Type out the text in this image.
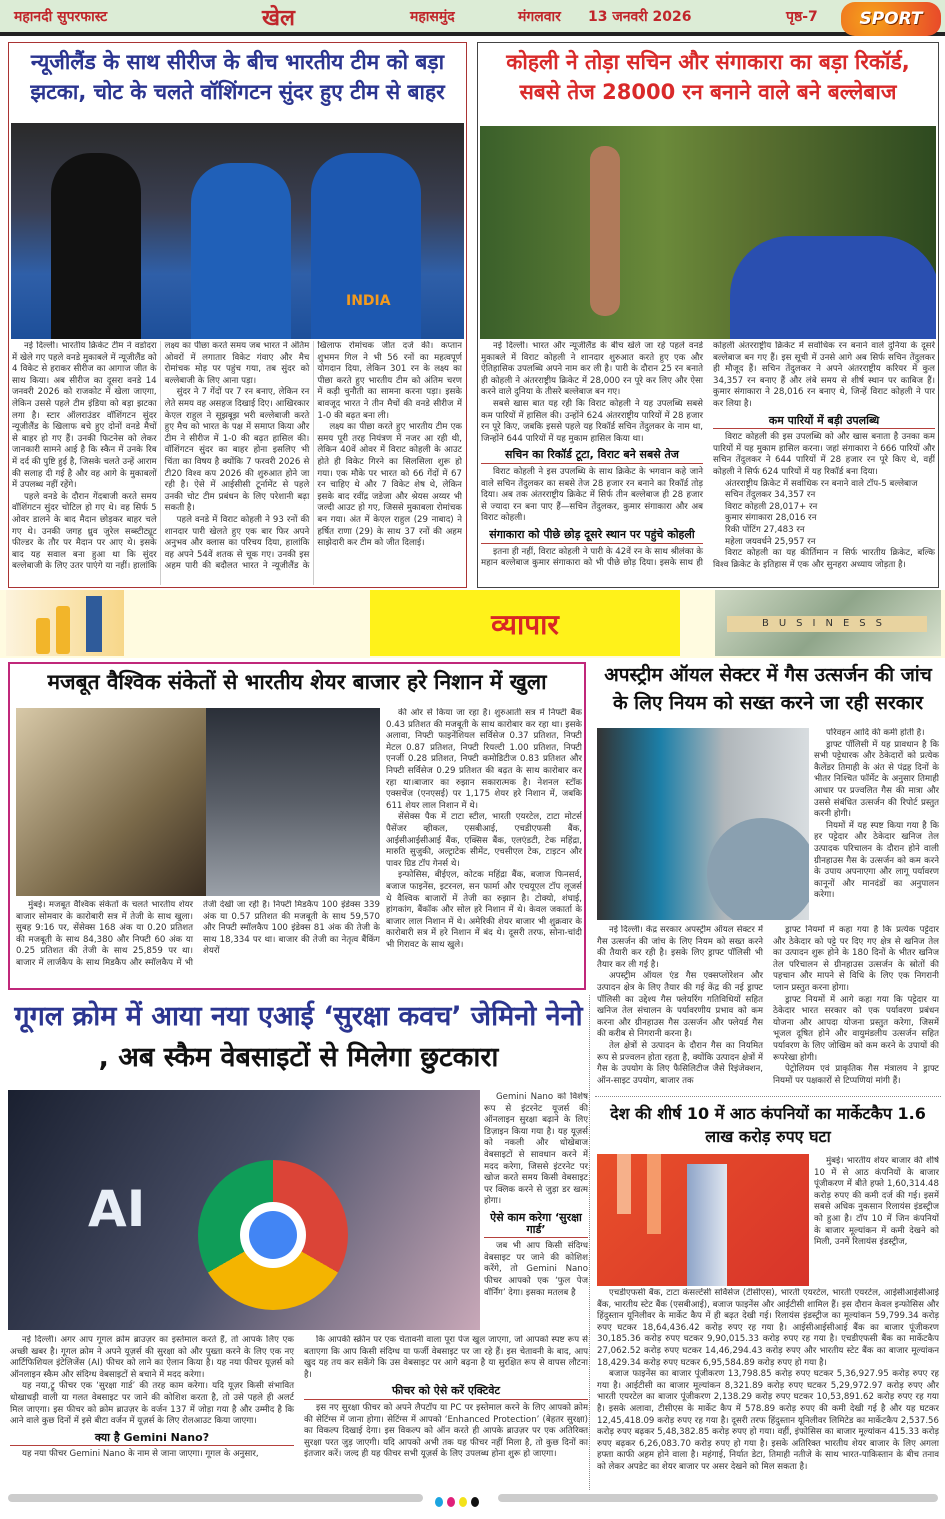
महानदी सुपरफास्ट	खेल	महासमुंद	मंगलवार 13 जनवरी 2026	पृष्ठ-7	SPORT
न्यूजीलैंड के साथ सीरीज के बीच भारतीय टीम को बड़ा झटका, चोट के चलते वॉशिंगटन सुंदर हुए टीम से बाहर
INDIA

नई दिल्ली। भारतीय क्रिकेट टीम ने वडोदरा में खेले गए पहले वनडे मुकाबले में न्यूजीलैंड को 4 विकेट से हराकर सीरीज का आगाज जीत के साथ किया। अब सीरीज का दूसरा वनडे 14 जनवरी 2026 को राजकोट में खेला जाएगा, लेकिन उससे पहले टीम इंडिया को बड़ा झटका लगा है। स्टार ऑलराउंडर वॉशिंगटन सुंदर न्यूजीलैंड के खिलाफ बचे हुए दोनों वनडे मैचों से बाहर हो गए हैं। उनकी फिटनेस को लेकर जानकारी सामने आई है कि स्कैन में उनके रिब में दर्द की पुष्टि हुई है, जिसके चलते उन्हें आराम की सलाह दी गई है और वह आगे के मुकाबलों में उपलब्ध नहीं रहेंगे।

पहले वनडे के दौरान गेंदबाजी करते समय वॉशिंगटन सुंदर चोटिल हो गए थे। वह सिर्फ 5 ओवर डालने के बाद मैदान छोड़कर बाहर चले गए थे। उनकी जगह ध्रुव जुरेल सब्स्टीट्यूट फील्डर के तौर पर मैदान पर आए थे। इसके बाद यह सवाल बना हुआ था कि सुंदर बल्लेबाजी के लिए उतर पाएंगे या नहीं। हालांकि लक्ष्य का पीछा करते समय जब भारत ने अंतिम ओवरों में लगातार विकेट गंवाए और मैच रोमांचक मोड़ पर पहुंच गया, तब सुंदर को बल्लेबाजी के लिए आना पड़ा।

सुंदर ने 7 गेंदों पर 7 रन बनाए, लेकिन रन लेते समय वह असहज दिखाई दिए। आखिरकार केएल राहुल ने सूझबूझ भरी बल्लेबाजी करते हुए मैच को भारत के पक्ष में समाप्त किया और टीम ने सीरीज में 1-0 की बढ़त हासिल की। वॉशिंगटन सुंदर का बाहर होना इसलिए भी चिंता का विषय है क्योंकि 7 फरवरी 2026 से टी20 विश्व कप 2026 की शुरुआत होने जा रही है। ऐसे में आईसीसी टूर्नामेंट से पहले उनकी चोट टीम प्रबंधन के लिए परेशानी बढ़ा सकती है।

पहले वनडे में विराट कोहली ने 93 रनों की शानदार पारी खेलते हुए एक बार फिर अपने अनुभव और क्लास का परिचय दिया, हालांकि वह अपने 54वें शतक से चूक गए। उनकी इस अहम पारी की बदौलत भारत ने न्यूजीलैंड के खिलाफ रोमांचक जीत दर्ज की। कप्तान शुभमन गिल ने भी 56 रनों का महत्वपूर्ण योगदान दिया, लेकिन 301 रन के लक्ष्य का पीछा करते हुए भारतीय टीम को अंतिम चरण में कड़ी चुनौती का सामना करना पड़ा। इसके बावजूद भारत ने तीन मैचों की वनडे सीरीज में 1-0 की बढ़त बना ली।

लक्ष्य का पीछा करते हुए भारतीय टीम एक समय पूरी तरह नियंत्रण में नजर आ रही थी, लेकिन 40वें ओवर में विराट कोहली के आउट होते ही विकेट गिरने का सिलसिला शुरू हो गया। एक मौके पर भारत को 66 गेंदों में 67 रन चाहिए थे और 7 विकेट शेष थे, लेकिन इसके बाद रवींद्र जडेजा और श्रेयस अय्यर भी जल्दी आउट हो गए, जिससे मुकाबला रोमांचक बन गया। अंत में केएल राहुल (29 नाबाद) ने हर्षित राणा (29) के साथ 37 रनों की अहम साझेदारी कर टीम को जीत दिलाई।

कोहली ने तोड़ा सचिन और संगाकारा का बड़ा रिकॉर्ड, सबसे तेज 28000 रन बनाने वाले बने बल्लेबाज

नई दिल्ली। भारत और न्यूजीलैंड के बीच खेले जा रहे पहले वनडे मुकाबले में विराट कोहली ने शानदार शुरुआत करते हुए एक और ऐतिहासिक उपलब्धि अपने नाम कर ली है। पारी के दौरान 25 रन बनाते ही कोहली ने अंतरराष्ट्रीय क्रिकेट में 28,000 रन पूरे कर लिए और ऐसा करने वाले दुनिया के तीसरे बल्लेबाज बन गए।

सबसे खास बात यह रही कि विराट कोहली ने यह उपलब्धि सबसे कम पारियों में हासिल की। उन्होंने 624 अंतरराष्ट्रीय पारियों में 28 हजार रन पूरे किए, जबकि इससे पहले यह रिकॉर्ड सचिन तेंदुलकर के नाम था, जिन्होंने 644 पारियों में यह मुकाम हासिल किया था।

सचिन का रिकॉर्ड टूटा, विराट बने सबसे तेज

विराट कोहली ने इस उपलब्धि के साथ क्रिकेट के भगवान कहे जाने वाले सचिन तेंदुलकर का सबसे तेज 28 हजार रन बनाने का रिकॉर्ड तोड़ दिया। अब तक अंतरराष्ट्रीय क्रिकेट में सिर्फ तीन बल्लेबाज ही 28 हजार से ज्यादा रन बना पाए हैं—सचिन तेंदुलकर, कुमार संगाकारा और अब विराट कोहली।

संगाकारा को पीछे छोड़ दूसरे स्थान पर पहुंचे कोहली

इतना ही नहीं, विराट कोहली ने पारी के 42वें रन के साथ श्रीलंका के महान बल्लेबाज कुमार संगाकारा को भी पीछे छोड़ दिया। इसके साथ ही कोहली अंतरराष्ट्रीय क्रिकेट में सर्वाधिक रन बनाने वाले दुनिया के दूसरे बल्लेबाज बन गए हैं। इस सूची में उनसे आगे अब सिर्फ सचिन तेंदुलकर ही मौजूद हैं। सचिन तेंदुलकर ने अपने अंतरराष्ट्रीय करियर में कुल 34,357 रन बनाए हैं और लंबे समय से शीर्ष स्थान पर काबिज हैं। कुमार संगाकारा ने 28,016 रन बनाए थे, जिन्हें विराट कोहली ने पार कर लिया है।

कम पारियों में बड़ी उपलब्धि

विराट कोहली की इस उपलब्धि को और खास बनाता है उनका कम पारियों में यह मुकाम हासिल करना। जहां संगाकारा ने 666 पारियों और सचिन तेंदुलकर ने 644 पारियों में 28 हजार रन पूरे किए थे, वहीं कोहली ने सिर्फ 624 पारियों में यह रिकॉर्ड बना दिया।

अंतरराष्ट्रीय क्रिकेट में सर्वाधिक रन बनाने वाले टॉप-5 बल्लेबाज

सचिन तेंदुलकर 34,357 रन

विराट कोहली 28,017+ रन

कुमार संगाकारा 28,016 रन

रिकी पोंटिंग 27,483 रन

महेला जयवर्धने 25,957 रन

विराट कोहली का यह कीर्तिमान न सिर्फ भारतीय क्रिकेट, बल्कि विश्व क्रिकेट के इतिहास में एक और सुनहरा अध्याय जोड़ता है।

व्यापार	BUSINESS
मजबूत वैश्विक संकेतों से भारतीय शेयर बाजार हरे निशान में खुला

की ओर से किया जा रहा है। शुरुआती सत्र में निफ्टी बैंक 0.43 प्रतिशत की मजबूती के साथ कारोबार कर रहा था। इसके अलावा, निफ्टी फाइनेंशियल सर्विसेज 0.37 प्रतिशत, निफ्टी मेटल 0.87 प्रतिशत, निफ्टी रियल्टी 1.00 प्रतिशत, निफ्टी एनर्जी 0.28 प्रतिशत, निफ्टी कमोडिटीज 0.83 प्रतिशत और निफ्टी सर्विसेज 0.29 प्रतिशत की बढ़त के साथ कारोबार कर रहा था।बाजार का रुझान सकारात्मक है। नेशनल स्टॉक एक्सचेंज (एनएसई) पर 1,175 शेयर हरे निशान में, जबकि 611 शेयर लाल निशान में थे।

सेंसेक्स पैक में टाटा स्टील, भारती एयरटेल, टाटा मोटर्स पैसेंजर व्हीकल, एसबीआई, एचडीएफसी बैंक, आईसीआईसीआई बैंक, एक्सिस बैंक, एलएंडटी, टेक महिंद्रा, मारुति सुजुकी, अल्ट्राटेक सीमेंट, एचसीएल टेक, टाइटन और पावर ग्रिड टॉप गेनर्स थे।

इन्फोसिस, बीईएल, कोटक महिंद्रा बैंक, बजाज फिनसर्व, बजाज फाइनेंस, इटरनल, सन फार्मा और एचयूएल टॉप लूजर्स थे वैश्विक बाजारों में तेजी का रुझान है। टोक्यो, शंघाई, हांगकांग, बैंकॉक और सोल हरे निशान में थे। केवल जकार्ता के बाजार लाल निशान में थे। अमेरिकी शेयर बाजार भी शुक्रवार के कारोबारी सत्र में हरे निशान में बंद थे। दूसरी तरफ, सोना-चांदी भी गिरावट के साथ खुले।

मुंबई। मजबूत वैश्विक संकेतों के चलते भारतीय शेयर बाजार सोमवार के कारोबारी सत्र में तेजी के साथ खुला। सुबह 9:16 पर, सेंसेक्स 168 अंक या 0.20 प्रतिशत की मजबूती के साथ 84,380 और निफ्टी 60 अंक या 0.25 प्रतिशत की तेजी के साथ 25,859 पर था। बाजार में लार्जकैप के साथ मिडकैप और स्मॉलकैप में भी तेजी देखी जा रही है। निफ्टी मिडकैप 100 इंडेक्स 339 अंक या 0.57 प्रतिशत की मजबूती के साथ 59,570 और निफ्टी स्मॉलकैप 100 इंडेक्स 81 अंक की तेजी के साथ 18,334 पर था। बाजार की तेजी का नेतृत्व बैंकिंग शेयरों

अपस्ट्रीम ऑयल सेक्टर में गैस उत्सर्जन की जांच के लिए नियम को सख्त करने जा रही सरकार

परिवहन आदि की कमी होती है।

ड्राफ्ट पॉलिसी में यह प्रावधान है कि सभी पट्टेधारक और ठेकेदारों को प्रत्येक कैलेंडर तिमाही के अंत से पंद्रह दिनों के भीतर निश्चित फॉर्मेट के अनुसार तिमाही आधार पर प्रज्वलित गैस की मात्रा और उससे संबंधित उत्सर्जन की रिपोर्ट प्रस्तुत करनी होगी।

नियमों में यह स्पष्ट किया गया है कि हर पट्टेदार और ठेकेदार खनिज तेल उत्पादक परिचालन के दौरान होने वाली ग्रीनहाउस गैस के उत्सर्जन को कम करने के उपाय अपनाएगा और लागू पर्यावरण कानूनों और मानदंडों का अनुपालन करेगा।

नई दिल्ली। केंद्र सरकार अपस्ट्रीम ऑयल सेक्टर में गैस उत्सर्जन की जांच के लिए नियम को सख्त करने की तैयारी कर रही है। इसके लिए ड्राफ्ट पॉलिसी भी तैयार कर ली गई है।

अपस्ट्रीम ऑयल एंड गैस एक्सप्लोरेशन और उत्पादन क्षेत्र के लिए तैयार की गई केंद्र की नई ड्राफ्ट पॉलिसी का उद्देश्य गैस फ्लेयरिंग गतिविधियों सहित खनिज तेल संचालन के पर्यावरणीय प्रभाव को कम करना और ग्रीनहाउस गैस उत्सर्जन और फ्लेयर्ड गैस की करीब से निगरानी करना है।

तेल क्षेत्रों से उत्पादन के दौरान गैस का नियमित रूप से प्रज्वलन होता रहता है, क्योंकि उत्पादन क्षेत्रों में गैस के उपयोग के लिए फैसिलिटीज जैसे रिइंजेक्शन, ऑन-साइट उपयोग, बाजार तक

ड्राफ्ट नियमों में कहा गया है कि प्रत्येक पट्टेदार और ठेकेदार को पट्टे पर दिए गए क्षेत्र से खनिज तेल का उत्पादन शुरू होने के 180 दिनों के भीतर खनिज तेल परिचालन से ग्रीनहाउस उत्सर्जन के स्रोतों की पहचान और मापने से विधि के लिए एक निगरानी प्लान प्रस्तुत करना होगा।

ड्राफ्ट नियमों में आगे कहा गया कि पट्टेदार या ठेकेदार भारत सरकार को एक पर्यावरण प्रबंधन योजना और आपदा योजना प्रस्तुत करेगा, जिसमें भूजल दूषित होने और वायुमंडलीय उत्सर्जन सहित पर्यावरण के लिए जोखिम को कम करने के उपायों की रूपरेखा होगी।

पेट्रोलियम एवं प्राकृतिक गैस मंत्रालय ने ड्राफ्ट नियमों पर पक्षकारों से टिप्पणियां मांगी हैं।

गूगल क्रोम में आया नया एआई ‘सुरक्षा कवच’ जेमिनो नेनो , अब स्कैम वेबसाइटों से मिलेगा छुटकारा
AI

Gemini Nano को विशेष रूप से इंटरनेट यूजर्स की ऑनलाइन सुरक्षा बढ़ाने के लिए डिज़ाइन किया गया है। यह यूज़र्स को नकली और धोखेबाज वेबसाइटों से सावधान करने में मदद करेगा, जिससे इंटरनेट पर खोज करते समय किसी वेबसाइट पर क्लिक करने से जुड़ा डर खत्म होगा।

ऐसे काम करेगा ‘सुरक्षा गार्ड’

जब भी आप किसी संदिग्ध वेबसाइट पर जाने की कोशिश करेंगे, तो Gemini Nano फीचर आपको एक ‘फुल पेज वॉर्निंग’ देगा। इसका मतलब है

नई दिल्ली। अगर आप गूगल क्रोम ब्राउज़र का इस्तेमाल करते हैं, तो आपके लिए एक अच्छी खबर है। गूगल क्रोम ने अपने यूज़र्स की सुरक्षा को और पुख्ता करने के लिए एक नए आर्टिफिशियल इंटेलिजेंस (AI) फीचर को लाने का ऐलान किया है। यह नया फीचर यूज़र्स को ऑनलाइन स्कैम और संदिग्ध वेबसाइटों से बचाने में मदद करेगा।

यह नया,ट्रू फीचर एक ‘सुरक्षा गार्ड’ की तरह काम करेगा। यदि यूज़र किसी संभावित धोखाधड़ी वाली या गलत वेबसाइट पर जाने की कोशिश करता है, तो उसे पहले ही अलर्ट मिल जाएगा। इस फीचर को क्रोम ब्राउज़र के वर्जन 137 में जोड़ा गया है और उम्मीद है कि आने वाले कुछ दिनों में इसे बीटा वर्जन में यूज़र्स के लिए रोलआउट किया जाएगा।

क्या है Gemini Nano?

यह नया फीचर Gemini Nano के नाम से जाना जाएगा। गूगल के अनुसार,

कि आपकी स्क्रीन पर एक चेतावनी वाला पूरा पेज खुल जाएगा, जो आपको स्पष्ट रूप से बताएगा कि आप किसी संदिग्ध या फर्जी वेबसाइट पर जा रहे हैं। इस चेतावनी के बाद, आप खुद यह तय कर सकेंगे कि उस वेबसाइट पर आगे बढ़ना है या सुरक्षित रूप से वापस लौटना है।

फीचर को ऐसे करें एक्टिवेट

इस नए सुरक्षा फीचर को अपने लैपटॉप या PC पर इस्तेमाल करने के लिए आपको क्रोम की सेटिंग्स में जाना होगा। सेटिंग्स में आपको ‘Enhanced Protection’ (बेहतर सुरक्षा) का विकल्प दिखाई देगा। इस विकल्प को ऑन करते ही आपके ब्राउज़र पर एक अतिरिक्त सुरक्षा परत जुड़ जाएगी। यदि आपको अभी तक यह फीचर नहीं मिला है, तो कुछ दिनों का इंतजार करें। जल्द ही यह फीचर सभी यूज़र्स के लिए उपलब्ध होना शुरू हो जाएगा।

देश की शीर्ष 10 में आठ कंपनियों का मार्केटकैप 1.6 लाख करोड़ रुपए घटा

मुंबई। भारतीय शेयर बाजार की शीर्ष 10 में से आठ कंपनियों के बाजार पूंजीकरण में बीते हफ्ते 1,60,314.48 करोड़ रुपए की कमी दर्ज की गई। इसमें सबसे अधिक नुकसान रिलायंस इंडस्ट्रीज को हुआ है। टॉप 10 में जिन कंपनियों के बाजार मूल्यांकन में कमी देखने को मिली, उनमें रिलायंस इंडस्ट्रीज,

एचडीएफसी बैंक, टाटा कंसल्टेंसी सर्विसेज (टीसीएस), भारती एयरटेल, भारती एयरटेल, आईसीआईसीआई बैंक, भारतीय स्टेट बैंक (एसबीआई), बजाज फाइनेंस और आईटीसी शामिल हैं। इस दौरान केवल इन्फोसिस और हिंदुस्तान यूनिलीवर के मार्केट कैप में ही बढ़त देखी गई। रिलायंस इंडस्ट्रीज का मूल्यांकन 59,799.34 करोड़ रुपए घटकर 18,64,436.42 करोड़ रुपए रह गया है। आईसीआईसीआई बैंक का बाजार पूंजीकरण 30,185.36 करोड़ रुपए घटकर 9,90,015.33 करोड़ रुपए रह गया है। एचडीएफसी बैंक का मार्केटकैप 27,062.52 करोड़ रुपए घटकर 14,46,294.43 करोड़ रुपए और भारतीय स्टेट बैंक का बाजार मूल्यांकन 18,429.34 करोड़ रुपए घटकर 6,95,584.89 करोड़ रुपए हो गया है।

बजाज फाइनेंस का बाजार पूंजीकरण 13,798.85 करोड़ रुपए घटकर 5,36,927.95 करोड़ रुपए रह गया है। आईटीसी का बाजार मूल्यांकन 8,321.89 करोड़ रुपए घटकर 5,29,972.97 करोड़ रुपए और भारती एयरटेल का बाजार पूंजीकरण 2,138.29 करोड़ रुपए घटकर 10,53,891.62 करोड़ रुपए रह गया है। इसके अलावा, टीसीएस के मार्केट कैप में 578.89 करोड़ रुपए की कमी देखी गई है और यह घटकर 12,45,418.09 करोड़ रुपए रह गया है। दूसरी तरफ हिंदुस्तान यूनिलीवर लिमिटेड का मार्केटकैप 2,537.56 करोड़ रुपए बढ़कर 5,48,382.85 करोड़ रुपए हो गया। वहीं, इंफोसिस का बाजार मूल्यांकन 415.33 करोड़ रुपए बढ़कर 6,26,083.70 करोड़ रुपए हो गया है। इसके अतिरिक्त भारतीय शेयर बाजार के लिए अगला हफ्ता काफी अहम होने वाला है। महंगाई, निर्यात डेटा, तिमाही नतीजे के साथ भारत-पाकिस्तान के बीच तनाव को लेकर अपडेट का शेयर बाजार पर असर देखने को मिल सकता है।
